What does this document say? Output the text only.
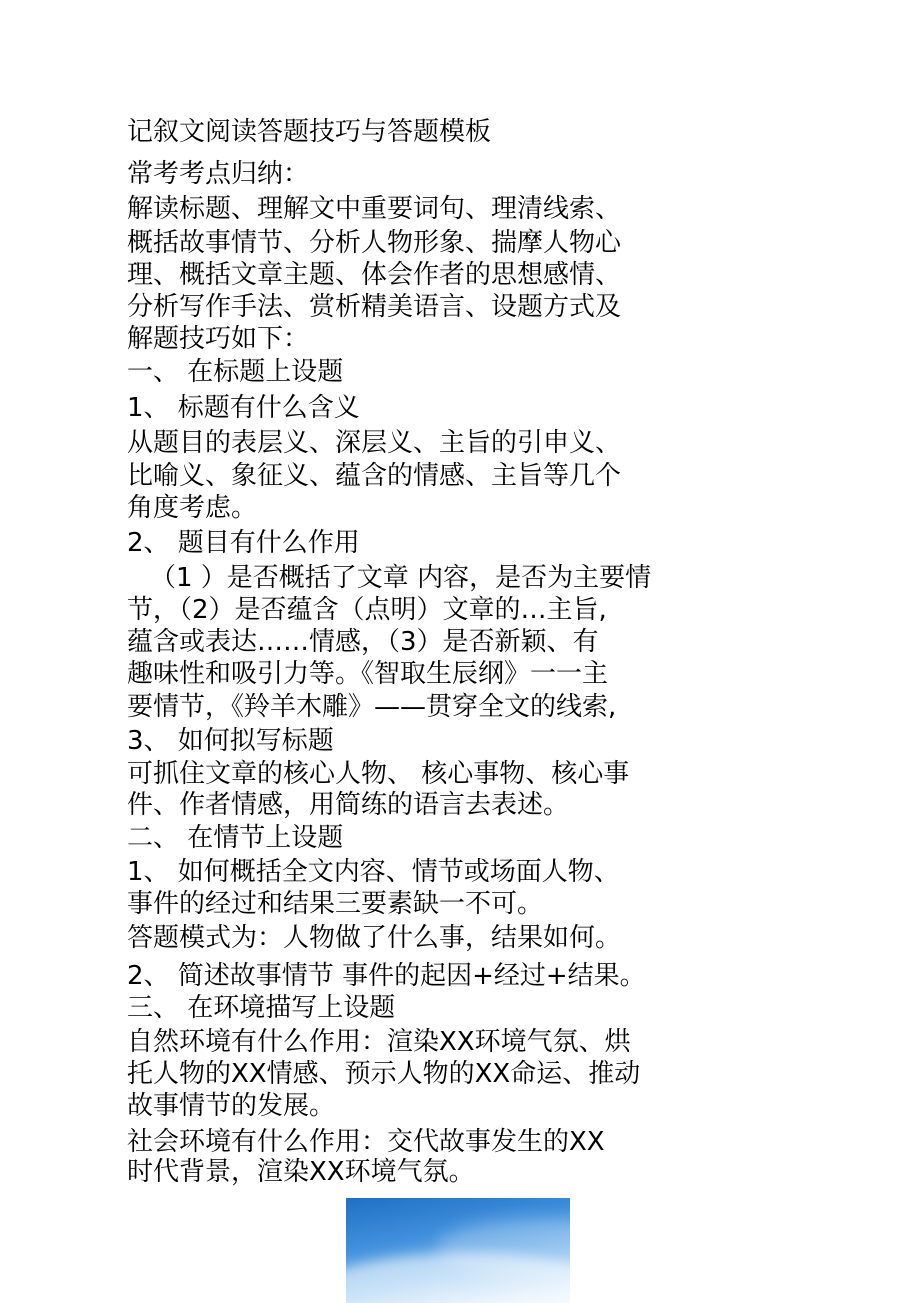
记叙文阅读答题技巧与答题模板
常考考点归纳：
解读标题、理解文中重要词句、理清线索、
概括故事情节、分析人物形象、揣摩人物心
理、概括文章主题、体会作者的思想感情、
分析写作手法、赏析精美语言、设题方式及
解题技巧如下：
一、 在标题上设题
1、 标题有什么含义
从题目的表层义、深层义、主旨的引申义、
比喻义、象征义、蕴含的情感、主旨等几个
角度考虑。
2、 题目有什么作用
（1 ）是否概括了文章 内容，是否为主要情
节，（2）是否蕴含（点明）文章的…主旨,
蕴含或表达……情感，（3）是否新颖、有
趣味性和吸引力等。《智取生辰纲》一一主
要情节，《羚羊木雕》——贯穿全文的线索,
3、 如何拟写标题
可抓住文章的核心人物、 核心事物、核心事
件、作者情感，用简练的语言去表述。
二、 在情节上设题
1、 如何概括全文内容、情节或场面人物、
事件的经过和结果三要素缺一不可。
答题模式为：人物做了什么事，结果如何。
2、 简述故事情节 事件的起因+经过+结果。
三、 在环境描写上设题
自然环境有什么作用：渲染XX环境气氛、烘
托人物的XX情感、预示人物的XX命运、推动
故事情节的发展。
社会环境有什么作用：交代故事发生的XX
时代背景，渲染XX环境气氛。
